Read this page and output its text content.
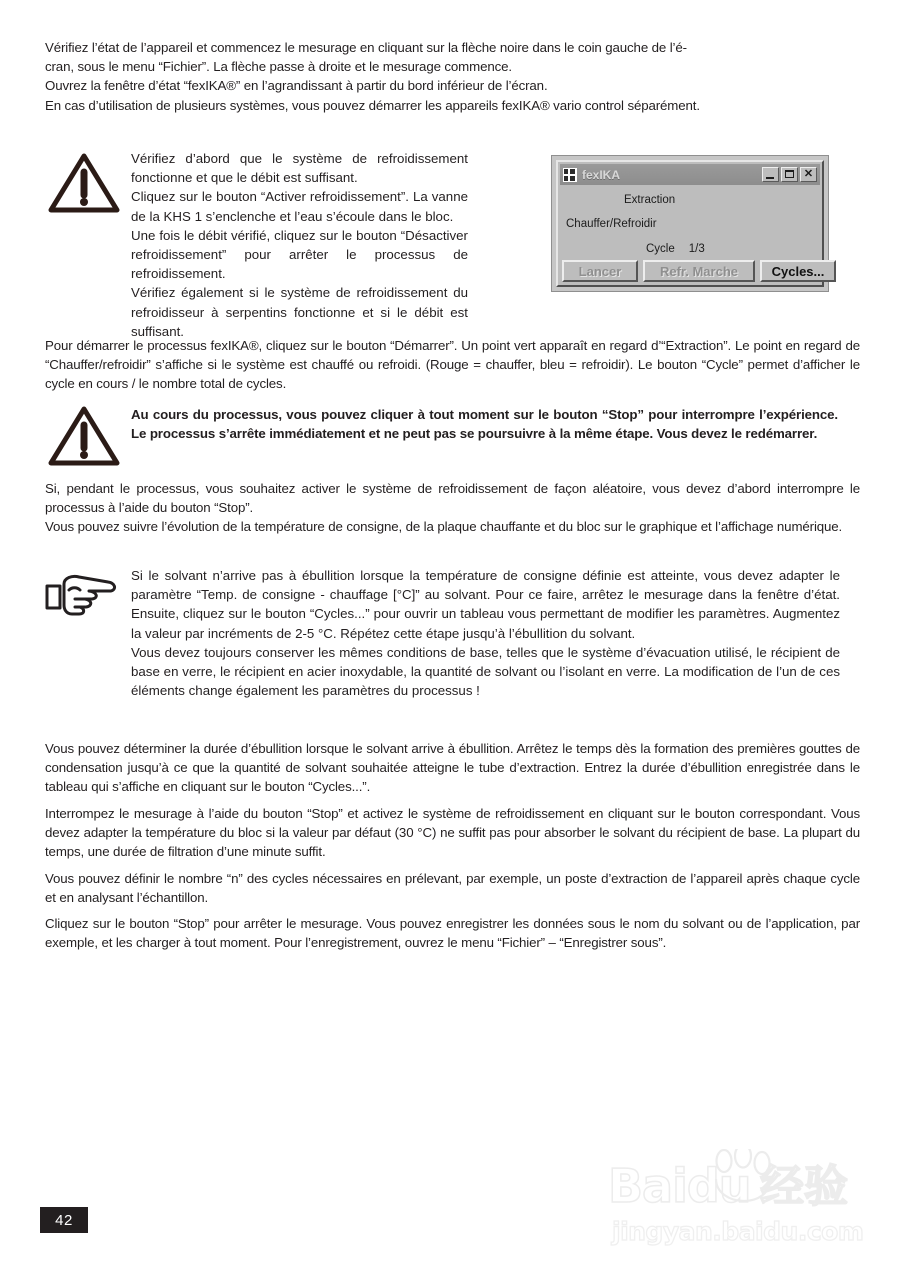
Vérifiez l’état de l’appareil et commencez le mesurage en cliquant sur la flèche noire dans le coin gauche de l’é-
cran, sous le menu “Fichier”. La flèche passe à droite et le mesurage commence.
Ouvrez la fenêtre d’état “fexIKA®” en l’agrandissant à partir du bord inférieur de l’écran.
En cas d’utilisation de plusieurs systèmes, vous pouvez démarrer les appareils fexIKA® vario control séparément.
Vérifiez d’abord que le système de refroidissement fonctionne et que le débit est suffisant.
Cliquez sur le bouton “Activer refroidissement”. La vanne de la KHS 1 s’enclenche et l’eau s’écoule dans le bloc.
Une fois le débit vérifié, cliquez sur le bouton “Désactiver refroidissement” pour arrêter le processus de refroidissement.
Vérifiez également si le système de refroidissement du refroidisseur à serpentins fonctionne et si le débit est suffisant.
fexIKA	✕
Extraction
Chauffer/Refroidir
Cycle 1/3
Lancer	Refr. Marche	Cycles...
Pour démarrer le processus fexIKA®, cliquez sur le bouton “Démarrer”. Un point vert apparaît en regard d’“Extraction”. Le point en regard de “Chauffer/refroidir” s’affiche si le système est chauffé ou refroidi. (Rouge = chauffer, bleu = refroidir). Le bouton “Cycle” permet d’afficher le cycle en cours / le nombre total de cycles.
Au cours du processus, vous pouvez cliquer à tout moment sur le bouton “Stop” pour interrompre l’expérience. Le processus s’arrête immédiatement et ne peut pas se poursuivre à la même étape. Vous devez le redémarrer.
Si, pendant le processus, vous souhaitez activer le système de refroidissement de façon aléatoire, vous devez d’abord interrompre le processus à l’aide du bouton “Stop”.
Vous pouvez suivre l’évolution de la température de consigne, de la plaque chauffante et du bloc sur le graphique et l’affichage numérique.
Si le solvant n’arrive pas à ébullition lorsque la température de consigne définie est atteinte, vous devez adapter le paramètre “Temp. de consigne - chauffage [°C]” au solvant. Pour ce faire, arrêtez le mesurage dans la fenêtre d’état. Ensuite, cliquez sur le bouton “Cycles...” pour ouvrir un tableau vous permettant de modifier les paramètres. Augmentez la valeur par incréments de 2-5 °C. Répétez cette étape jusqu’à l’ébullition du solvant.
Vous devez toujours conserver les mêmes conditions de base, telles que le système d’évacuation utilisé, le récipient de base en verre, le récipient en acier inoxydable, la quantité de solvant ou l’isolant en verre. La modification de l’un de ces éléments change également les paramètres du processus !
Vous pouvez déterminer la durée d’ébullition lorsque le solvant arrive à ébullition. Arrêtez le temps dès la formation des premières gouttes de condensation jusqu’à ce que la quantité de solvant souhaitée atteigne le tube d’extraction. Entrez la durée d’ébullition enregistrée dans le tableau qui s’affiche en cliquant sur le bouton “Cycles...”.
Interrompez le mesurage à l’aide du bouton “Stop” et activez le système de refroidissement en cliquant sur le bouton correspondant. Vous devez adapter la température du bloc si la valeur par défaut (30 °C) ne suffit pas pour absorber le solvant du récipient de base. La plupart du temps, une durée de filtration d’une minute suffit.
Vous pouvez définir le nombre “n” des cycles nécessaires en prélevant, par exemple, un poste d’extraction de l’appareil après chaque cycle et en analysant l’échantillon.
Cliquez sur le bouton “Stop” pour arrêter le mesurage. Vous pouvez enregistrer les données sous le nom du solvant ou de l’application, par exemple, et les charger à tout moment. Pour l’enregistrement, ouvrez le menu “Fichier” – “Enregistrer sous”.
42
Baidu 经验
jingyan.baidu.com
